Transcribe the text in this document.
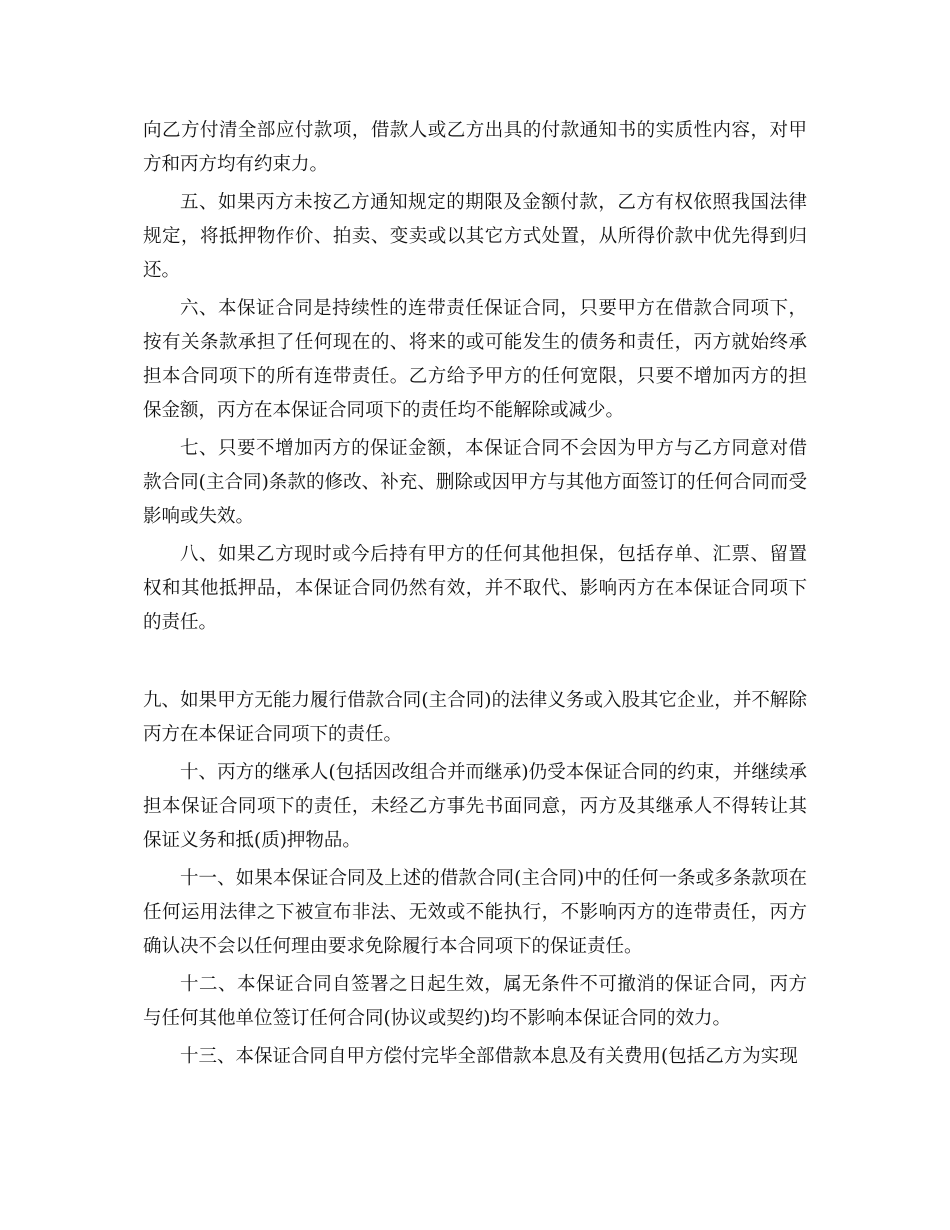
向乙方付清全部应付款项，借款人或乙方出具的付款通知书的实质性内容，对甲方和丙方均有约束力。

五、如果丙方未按乙方通知规定的期限及金额付款，乙方有权依照我国法律规定，将抵押物作价、拍卖、变卖或以其它方式处置，从所得价款中优先得到归还。

六、本保证合同是持续性的连带责任保证合同，只要甲方在借款合同项下，按有关条款承担了任何现在的、将来的或可能发生的债务和责任，丙方就始终承担本合同项下的所有连带责任。乙方给予甲方的任何宽限，只要不增加丙方的担保金额，丙方在本保证合同项下的责任均不能解除或减少。

七、只要不增加丙方的保证金额，本保证合同不会因为甲方与乙方同意对借款合同(主合同)条款的修改、补充、删除或因甲方与其他方面签订的任何合同而受影响或失效。

八、如果乙方现时或今后持有甲方的任何其他担保，包括存单、汇票、留置权和其他抵押品，本保证合同仍然有效，并不取代、影响丙方在本保证合同项下的责任。

九、如果甲方无能力履行借款合同(主合同)的法律义务或入股其它企业，并不解除丙方在本保证合同项下的责任。

十、丙方的继承人(包括因改组合并而继承)仍受本保证合同的约束，并继续承担本保证合同项下的责任，未经乙方事先书面同意，丙方及其继承人不得转让其保证义务和抵(质)押物品。

十一、如果本保证合同及上述的借款合同(主合同)中的任何一条或多条款项在任何运用法律之下被宣布非法、无效或不能执行，不影响丙方的连带责任，丙方确认决不会以任何理由要求免除履行本合同项下的保证责任。

十二、本保证合同自签署之日起生效，属无条件不可撤消的保证合同，丙方与任何其他单位签订任何合同(协议或契约)均不影响本保证合同的效力。

十三、本保证合同自甲方偿付完毕全部借款本息及有关费用(包括乙方为实现
